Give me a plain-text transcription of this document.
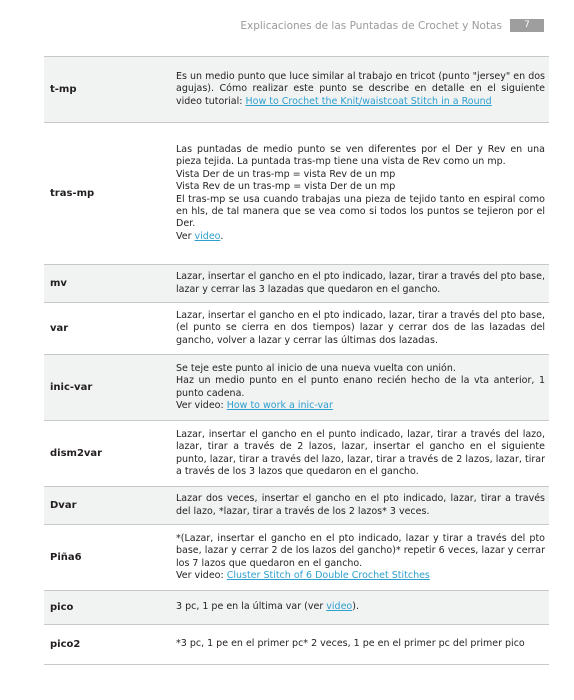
Explicaciones de las Puntadas de Crochet y Notas	7
t-mp	Es un medio punto que luce similar al trabajo en tricot (punto "jersey" en dos agujas). Cómo realizar este punto se describe en detalle en el siguiente video tutorial: How to Crochet the Knit/waistcoat Stitch in a Round

tras-mp	Las puntadas de medio punto se ven diferentes por el Der y Rev en una pieza tejida. La puntada tras-mp tiene una vista de Rev como un mp.
Vista Der de un tras-mp = vista Rev de un mp
Vista Rev de un tras-mp = vista Der de un mp
El tras-mp se usa cuando trabajas una pieza de tejido tanto en espiral como en hls, de tal manera que se vea como si todos los puntos se tejieron por el Der.
Ver video.

mv	Lazar, insertar el gancho en el pto indicado, lazar, tirar a través del pto base, lazar y cerrar las 3 lazadas que quedaron en el gancho.

var	Lazar, insertar el gancho en el pto indicado, lazar, tirar a través del pto base, (el punto se cierra en dos tiempos) lazar y cerrar dos de las lazadas del gancho, volver a lazar y cerrar las últimas dos lazadas.

inic-var	Se teje este punto al inicio de una nueva vuelta con unión.
Haz un medio punto en el punto enano recién hecho de la vta anterior, 1 punto cadena.
Ver video: How to work a inic-var

dism2var	Lazar, insertar el gancho en el punto indicado, lazar, tirar a través del lazo, lazar, tirar a través de 2 lazos, lazar, insertar el gancho en el siguiente punto, lazar, tirar a través del lazo, lazar, tirar a través de 2 lazos, lazar, tirar a través de los 3 lazos que quedaron en el gancho.

Dvar	Lazar dos veces, insertar el gancho en el pto indicado, lazar, tirar a través del lazo, *lazar, tirar a través de los 2 lazos* 3 veces.

Piña6	*(Lazar, insertar el gancho en el pto indicado, lazar y tirar a través del pto base, lazar y cerrar 2 de los lazos del gancho)* repetir 6 veces, lazar y cerrar los 7 lazos que quedaron en el gancho.
Ver video: Cluster Stitch of 6 Double Crochet Stitches

pico	3 pc, 1 pe en la última var (ver video).

pico2	*3 pc, 1 pe en el primer pc* 2 veces, 1 pe en el primer pc del primer pico
